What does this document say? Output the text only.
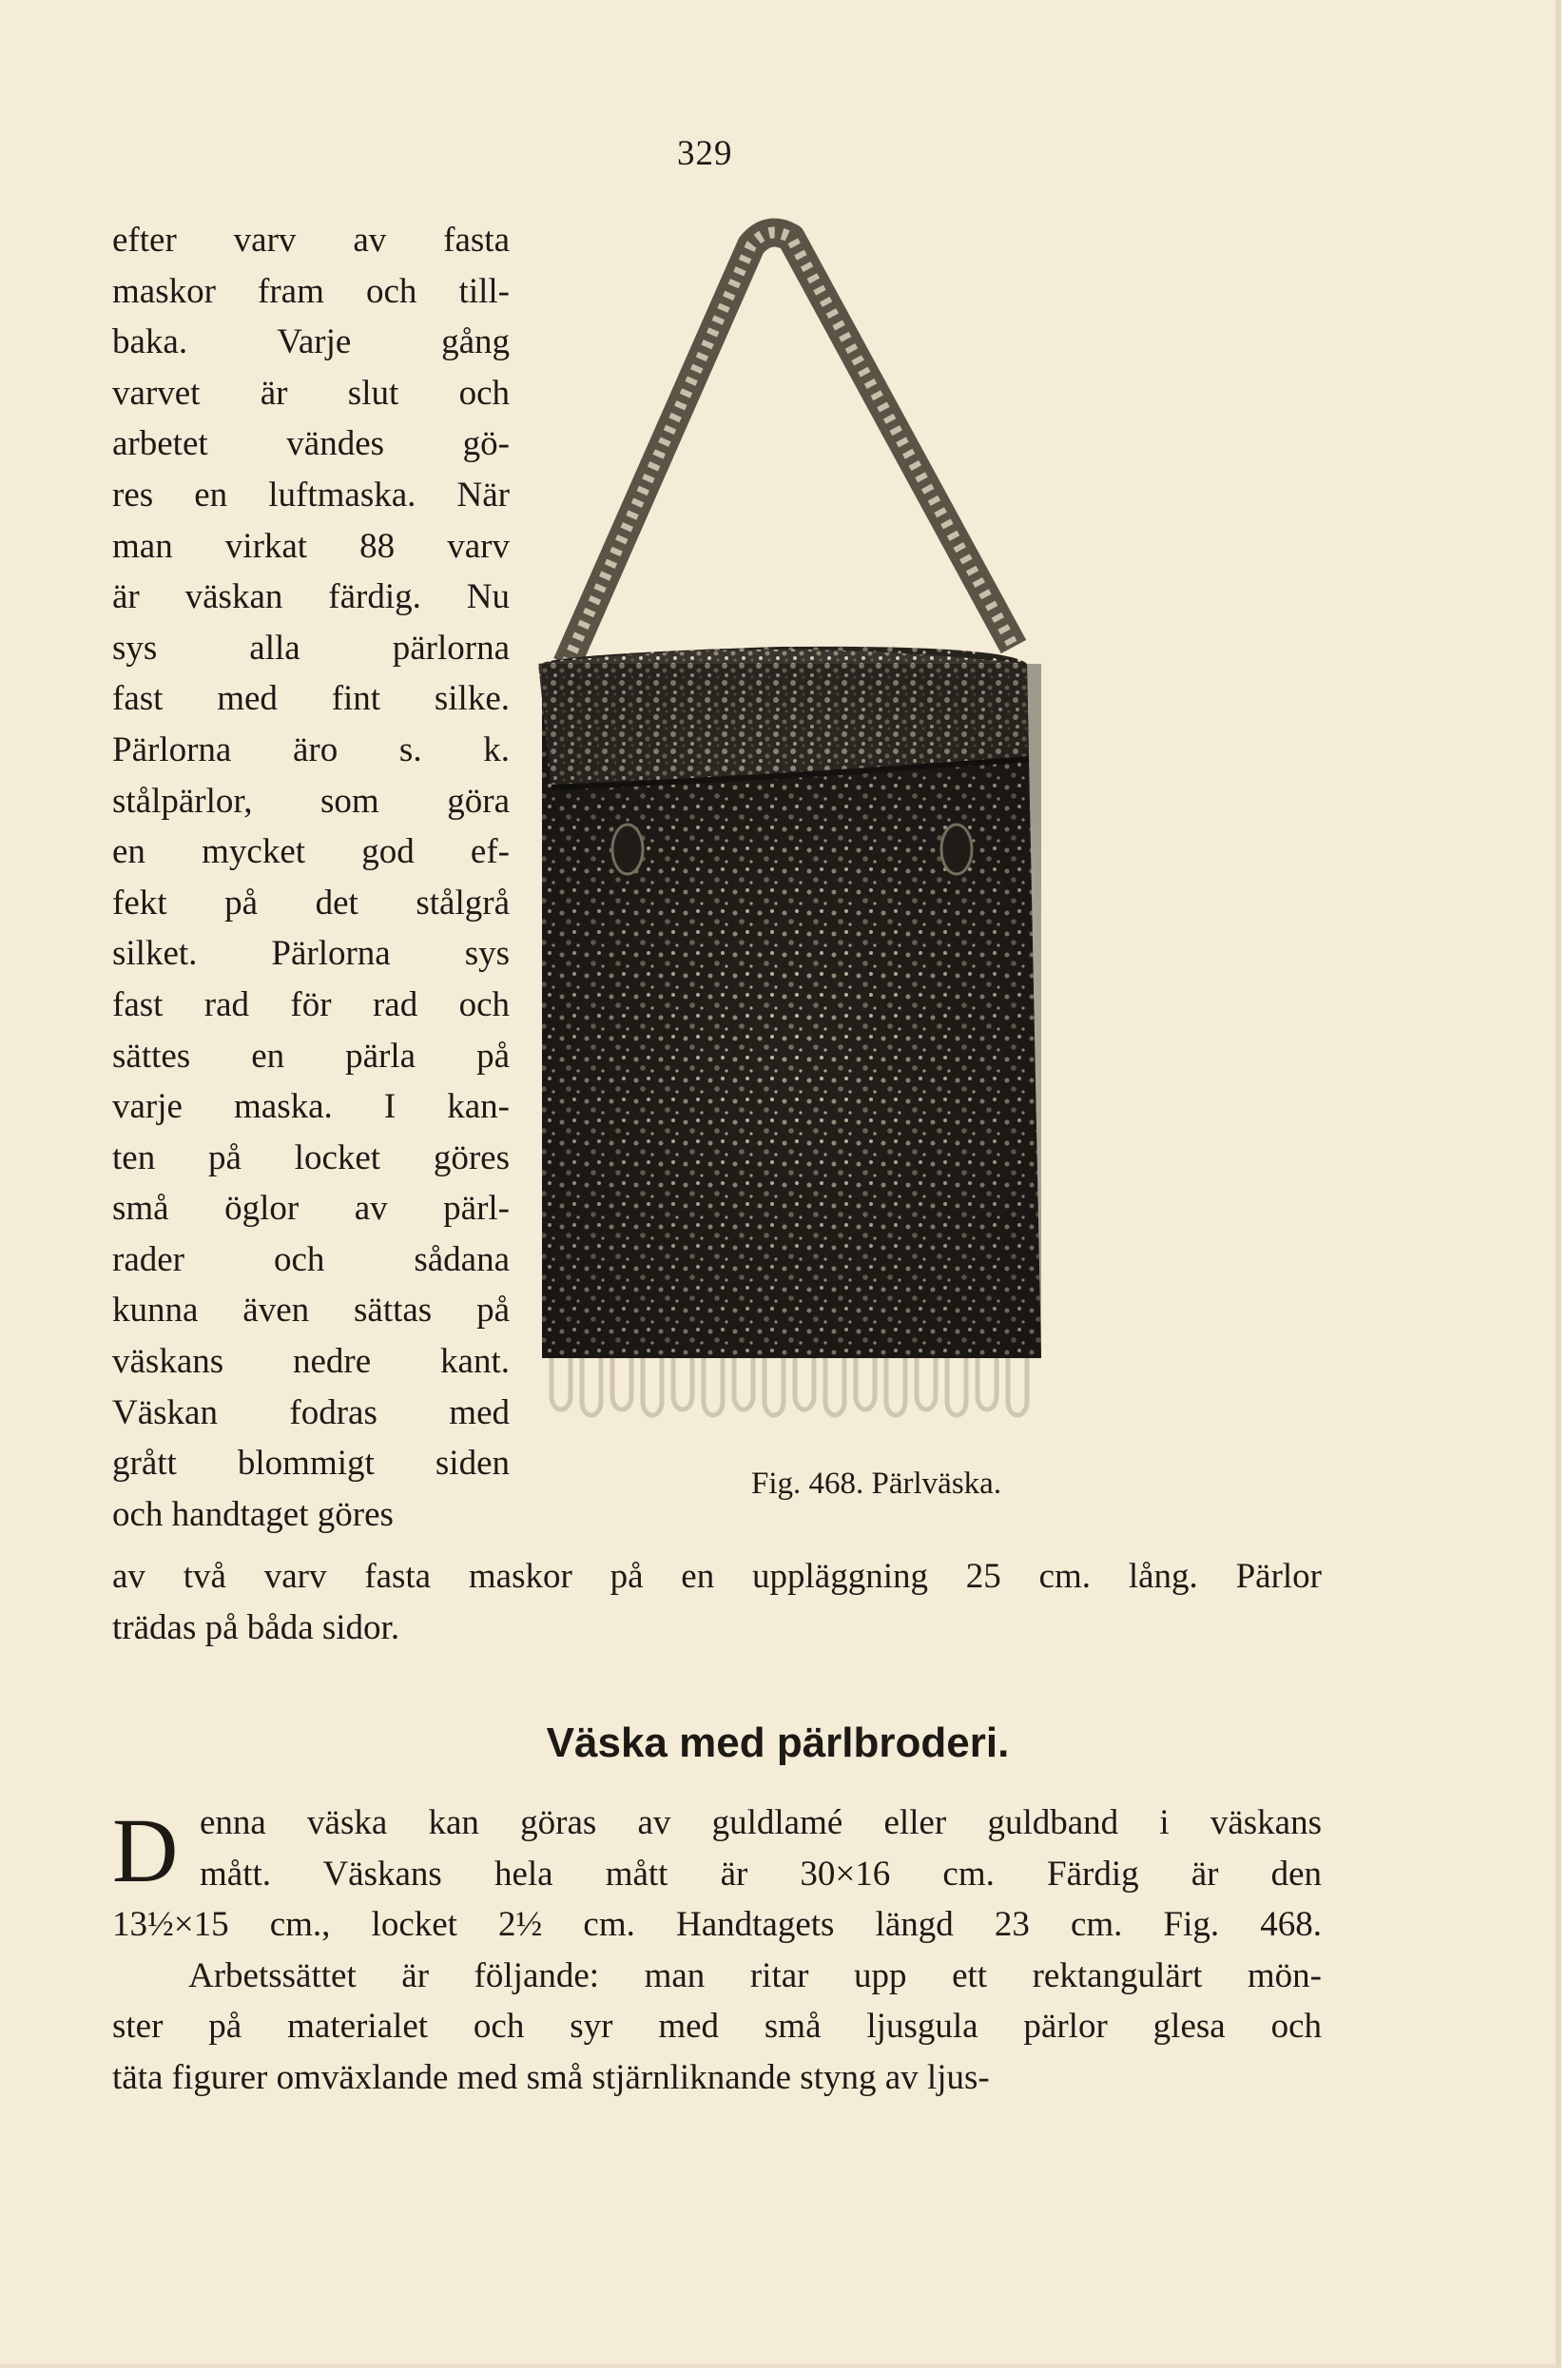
329
efter varv av fasta
maskor fram och till-
baka. Varje gång
varvet är slut och
arbetet vändes gö-
res en luftmaska. När
man virkat 88 varv
är väskan färdig. Nu
sys alla pärlorna
fast med fint silke.
Pärlorna äro s. k.
stålpärlor, som göra
en mycket god ef-
fekt på det stålgrå
silket. Pärlorna sys
fast rad för rad och
sättes en pärla på
varje maska. I kan-
ten på locket göres
små öglor av pärl-
rader och sådana
kunna även sättas på
väskans nedre kant.
Väskan fodras med
grått blommigt siden
och handtaget göres
Fig. 468. Pärlväska.
av två varv fasta maskor på en uppläggning 25 cm. lång. Pärlor
trädas på båda sidor.
Väska med pärlbroderi.
D enna väska kan göras av guldlamé eller guldband i väskans
mått. Väskans hela mått är 30×16 cm. Färdig är den
13½×15 cm., locket 2½ cm. Handtagets längd 23 cm. Fig. 468.
Arbetssättet är följande: man ritar upp ett rektangulärt mön-
ster på materialet och syr med små ljusgula pärlor glesa och
täta figurer omväxlande med små stjärnliknande styng av ljus-
